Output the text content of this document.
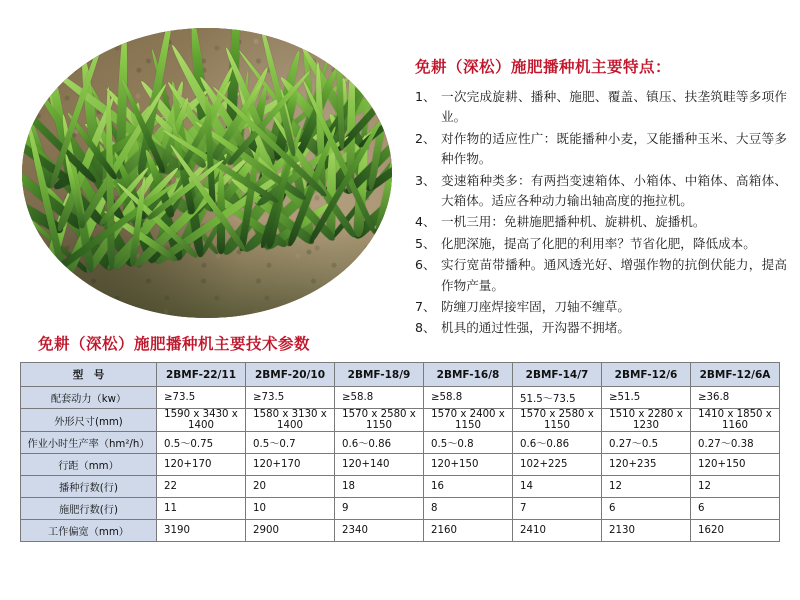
免耕（深松）施肥播种机主要特点：
1、 一次完成旋耕、播种、施肥、覆盖、镇压、扶垄筑畦等多项作业。
2、 对作物的适应性广：既能播种小麦，又能播种玉米、大豆等多种作物。
3、 变速箱种类多：有两挡变速箱体、小箱体、中箱体、高箱体、大箱体。适应各种动力输出轴高度的拖拉机。
4、 一机三用：免耕施肥播种机、旋耕机、旋播机。
5、 化肥深施，提高了化肥的利用率？节省化肥，降低成本。
6、 实行宽苗带播种。通风透光好、增强作物的抗倒伏能力，提高作物产量。
7、 防缠刀座焊接牢固，刀轴不缠草。
8、 机具的通过性强，开沟器不拥堵。
免耕（深松）施肥播种机主要技术参数
型　号	2BMF-22/11	2BMF-20/10	2BMF-18/9	2BMF-16/8	2BMF-14/7	2BMF-12/6	2BMF-12/6A
配套动力（kw）	≥73.5	≥73.5	≥58.8	≥58.8	51.5～73.5	≥51.5	≥36.8
外形尺寸(mm)	1590 x 3430 x 1400	1580 x 3130 x 1400	1570 x 2580 x 1150	1570 x 2400 x 1150	1570 x 2580 x 1150	1510 x 2280 x 1230	1410 x 1850 x 1160
作业小时生产率（hm²/h）	0.5～0.75	0.5～0.7	0.6～0.86	0.5～0.8	0.6～0.86	0.27～0.5	0.27～0.38
行距（mm）	120+170	120+170	120+140	120+150	102+225	120+235	120+150
播种行数(行)	22	20	18	16	14	12	12
施肥行数(行)	11	10	9	8	7	6	6
工作偏宽（mm）	3190	2900	2340	2160	2410	2130	1620
